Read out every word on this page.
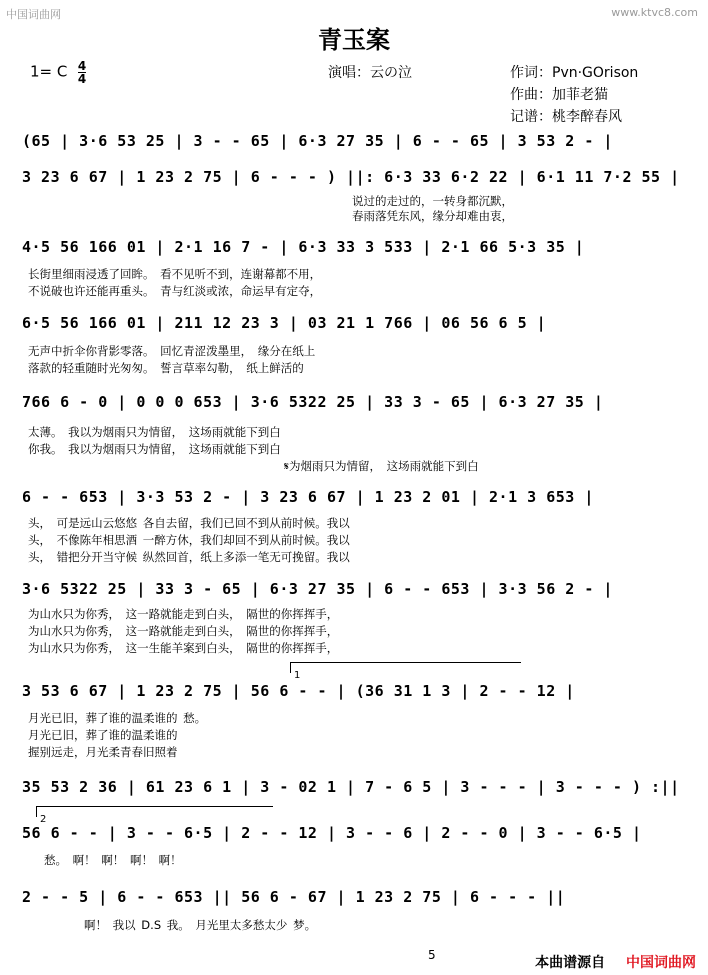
中国词曲网	www.ktvc8.com
青玉案
1= C $\frac{4}{4}$	演唱：云の泣	作词：Pvn·GOrison
作曲：加菲老猫
记谱：桃李醉春风
(65 | 3·6 53 25 | 3 - - 65 | 6·3 27 35 | 6 - - 65 | 3 53 2 - |
3 23 6 67 | 1 23 2 75 | 6 - - - ) ||: 6·3 33 6·2 22 | 6·1 11 7·2 55 |
说过的走过的，一转身都沉默，
春雨落凭东风，缘分却难由衷，
4·5 56 166 01 | 2·1 16 7 - | 6·3 33 3 533 | 2·1 66 5·3 35 |
长街里细雨浸透了回眸。 看不见听不到，连谢幕都不用，
不说破也许还能再重头。 青与红淡或浓，命运早有定夺，
6·5 56 166 01 | 211 12 23 3 | 03 21 1 766 | 06 56 6 5 |
无声中折伞你背影零落。 回忆青涩泼墨里， 缘分在纸上
落款的轻重随时光匆匆。 誓言草率勾勒， 纸上鲜活的
766 6 - 0 | 0 0 0 653 | 3·6 5322 25 | 33 3 - 65 | 6·3 27 35 |
太薄。 我以为烟雨只为情留， 这场雨就能下到白
你我。 我以为烟雨只为情留， 这场雨就能下到白
𝄋为烟雨只为情留， 这场雨就能下到白
6 - - 653 | 3·3 53 2 - | 3 23 6 67 | 1 23 2 01 | 2·1 3 653 |
头， 可是远山云悠悠 各自去留，我们已回不到从前时候。我以
头， 不像陈年相思酒 一醉方休，我们却回不到从前时候。我以
头， 错把分开当守候 纵然回首，纸上多添一笔无可挽留。我以
3·6 5322 25 | 33 3 - 65 | 6·3 27 35 | 6 - - 653 | 3·3 56 2 - |
为山水只为你秀， 这一路就能走到白头， 隔世的你挥挥手，
为山水只为你秀， 这一路就能走到白头， 隔世的你挥挥手，
为山水只为你秀， 这一生能羊案到白头， 隔世的你挥挥手，
1
3 53 6 67 | 1 23 2 75 | 56 6 - - | (36 31 1 3 | 2 - - 12 |
月光已旧，葬了谁的温柔谁的 愁。
月光已旧，葬了谁的温柔谁的
握别远走，月光柔青春旧照着
35 53 2 36 | 61 23 6 1 | 3 - 02 1 | 7 - 6 5 | 3 - - - | 3 - - - ) :||
2
56 6 - - | 3 - - 6·5 | 2 - - 12 | 3 - - 6 | 2 - - 0 | 3 - - 6·5 |
愁。 啊！ 啊！ 啊！ 啊！
2 - - 5 | 6 - - 653 || 56 6 - 67 | 1 23 2 75 | 6 - - - ||
啊！ 我以 D.S 我。 月光里太多愁太少 梦。
5	本曲谱源自 中国词曲网
